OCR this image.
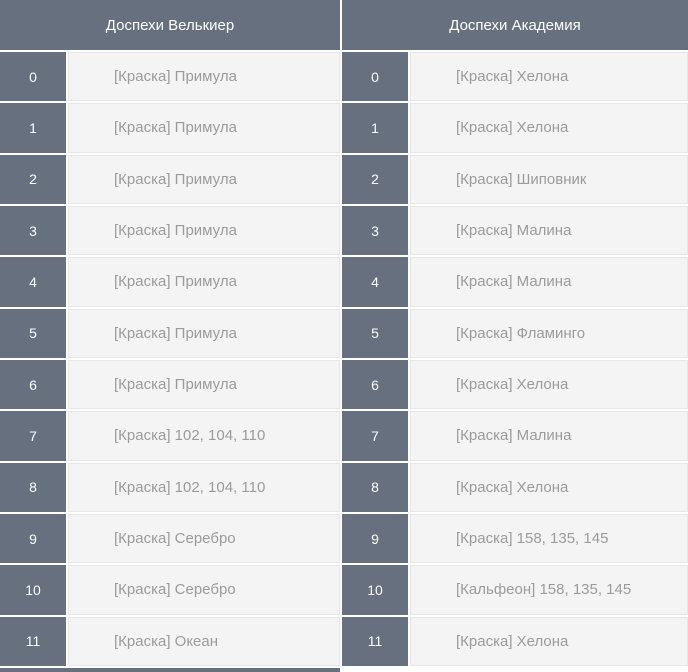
Доспехи Велькиер
0	[Краска] Примула
1	[Краска] Примула
2	[Краска] Примула
3	[Краска] Примула
4	[Краска] Примула
5	[Краска] Примула
6	[Краска] Примула
7	[Краска] 102, 104, 110
8	[Краска] 102, 104, 110
9	[Краска] Серебро
10	[Краска] Серебро
11	[Краска] Океан
Доспехи Академия
0	[Краска] Хелона
1	[Краска] Хелона
2	[Краска] Шиповник
3	[Краска] Малина
4	[Краска] Малина
5	[Краска] Фламинго
6	[Краска] Хелона
7	[Краска] Малина
8	[Краска] Хелона
9	[Краска] 158, 135, 145
10	[Кальфеон] 158, 135, 145
11	[Краска] Хелона
